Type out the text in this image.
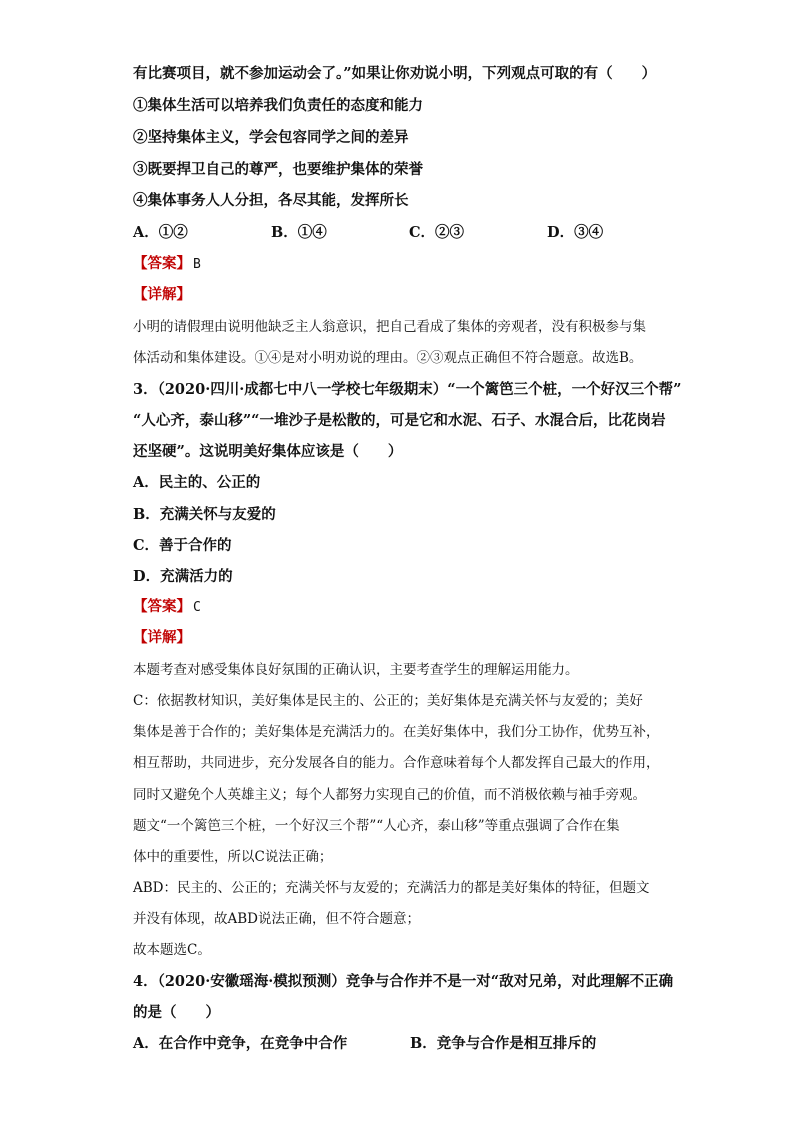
有比赛项目，就不参加运动会了。”如果让你劝说小明，下列观点可取的有（　　）
①集体生活可以培养我们负责任的态度和能力
②坚持集体主义，学会包容同学之间的差异
③既要捍卫自己的尊严，也要维护集体的荣誉
④集体事务人人分担，各尽其能，发挥所长
A．①②	B．①④	C．②③	D．③④
【答案】 B
【详解】
小明的请假理由说明他缺乏主人翁意识，把自己看成了集体的旁观者，没有积极参与集
体活动和集体建设。①④是对小明劝说的理由。②③观点正确但不符合题意。故选B。
3．（2020·四川·成都七中八一学校七年级期末）“一个篱笆三个桩，一个好汉三个帮”
“人心齐，泰山移”“一堆沙子是松散的，可是它和水泥、石子、水混合后，比花岗岩
还坚硬”。这说明美好集体应该是（　　）
A．民主的、公正的
B．充满关怀与友爱的
C．善于合作的
D．充满活力的
【答案】 C
【详解】
本题考查对感受集体良好氛围的正确认识，主要考查学生的理解运用能力。
C：依据教材知识，美好集体是民主的、公正的；美好集体是充满关怀与友爱的；美好
集体是善于合作的；美好集体是充满活力的。在美好集体中，我们分工协作，优势互补，
相互帮助，共同进步，充分发展各自的能力。合作意味着每个人都发挥自己最大的作用，
同时又避免个人英雄主义；每个人都努力实现自己的价值，而不消极依赖与袖手旁观。
题文“一个篱笆三个桩，一个好汉三个帮”“人心齐，泰山移”等重点强调了合作在集
体中的重要性，所以C说法正确；
ABD：民主的、公正的；充满关怀与友爱的；充满活力的都是美好集体的特征，但题文
并没有体现，故ABD说法正确，但不符合题意；
故本题选C。
4．（2020·安徽瑶海·模拟预测）竞争与合作并不是一对“敌对兄弟，对此理解不正确
的是（　　）
A．在合作中竞争，在竞争中合作	B．竞争与合作是相互排斥的
